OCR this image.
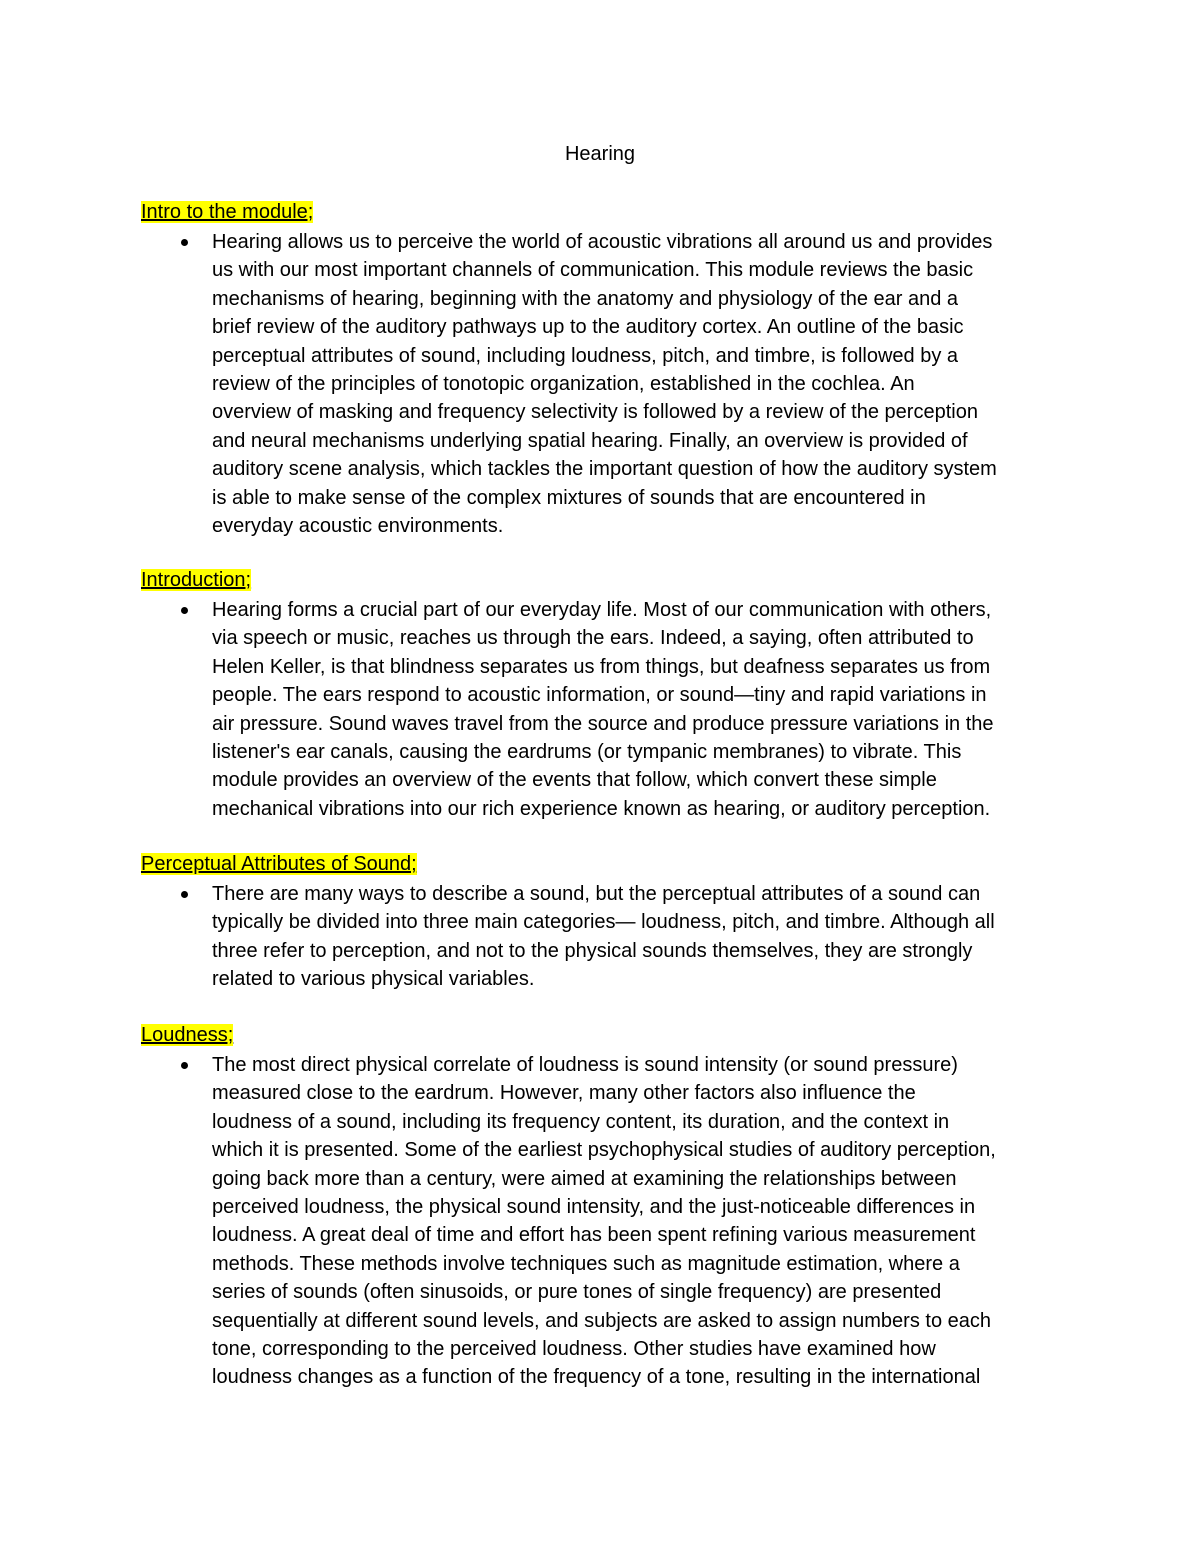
Hearing
Intro to the module;
Hearing allows us to perceive the world of acoustic vibrations all around us and provides
us with our most important channels of communication. This module reviews the basic
mechanisms of hearing, beginning with the anatomy and physiology of the ear and a
brief review of the auditory pathways up to the auditory cortex. An outline of the basic
perceptual attributes of sound, including loudness, pitch, and timbre, is followed by a
review of the principles of tonotopic organization, established in the cochlea. An
overview of masking and frequency selectivity is followed by a review of the perception
and neural mechanisms underlying spatial hearing. Finally, an overview is provided of
auditory scene analysis, which tackles the important question of how the auditory system
is able to make sense of the complex mixtures of sounds that are encountered in
everyday acoustic environments.
Introduction;
Hearing forms a crucial part of our everyday life. Most of our communication with others,
via speech or music, reaches us through the ears. Indeed, a saying, often attributed to
Helen Keller, is that blindness separates us from things, but deafness separates us from
people. The ears respond to acoustic information, or sound—tiny and rapid variations in
air pressure. Sound waves travel from the source and produce pressure variations in the
listener's ear canals, causing the eardrums (or tympanic membranes) to vibrate. This
module provides an overview of the events that follow, which convert these simple
mechanical vibrations into our rich experience known as hearing, or auditory perception.
Perceptual Attributes of Sound;
There are many ways to describe a sound, but the perceptual attributes of a sound can
typically be divided into three main categories— loudness, pitch, and timbre. Although all
three refer to perception, and not to the physical sounds themselves, they are strongly
related to various physical variables.
Loudness;
The most direct physical correlate of loudness is sound intensity (or sound pressure)
measured close to the eardrum. However, many other factors also influence the
loudness of a sound, including its frequency content, its duration, and the context in
which it is presented. Some of the earliest psychophysical studies of auditory perception,
going back more than a century, were aimed at examining the relationships between
perceived loudness, the physical sound intensity, and the just-noticeable differences in
loudness. A great deal of time and effort has been spent refining various measurement
methods. These methods involve techniques such as magnitude estimation, where a
series of sounds (often sinusoids, or pure tones of single frequency) are presented
sequentially at different sound levels, and subjects are asked to assign numbers to each
tone, corresponding to the perceived loudness. Other studies have examined how
loudness changes as a function of the frequency of a tone, resulting in the international
